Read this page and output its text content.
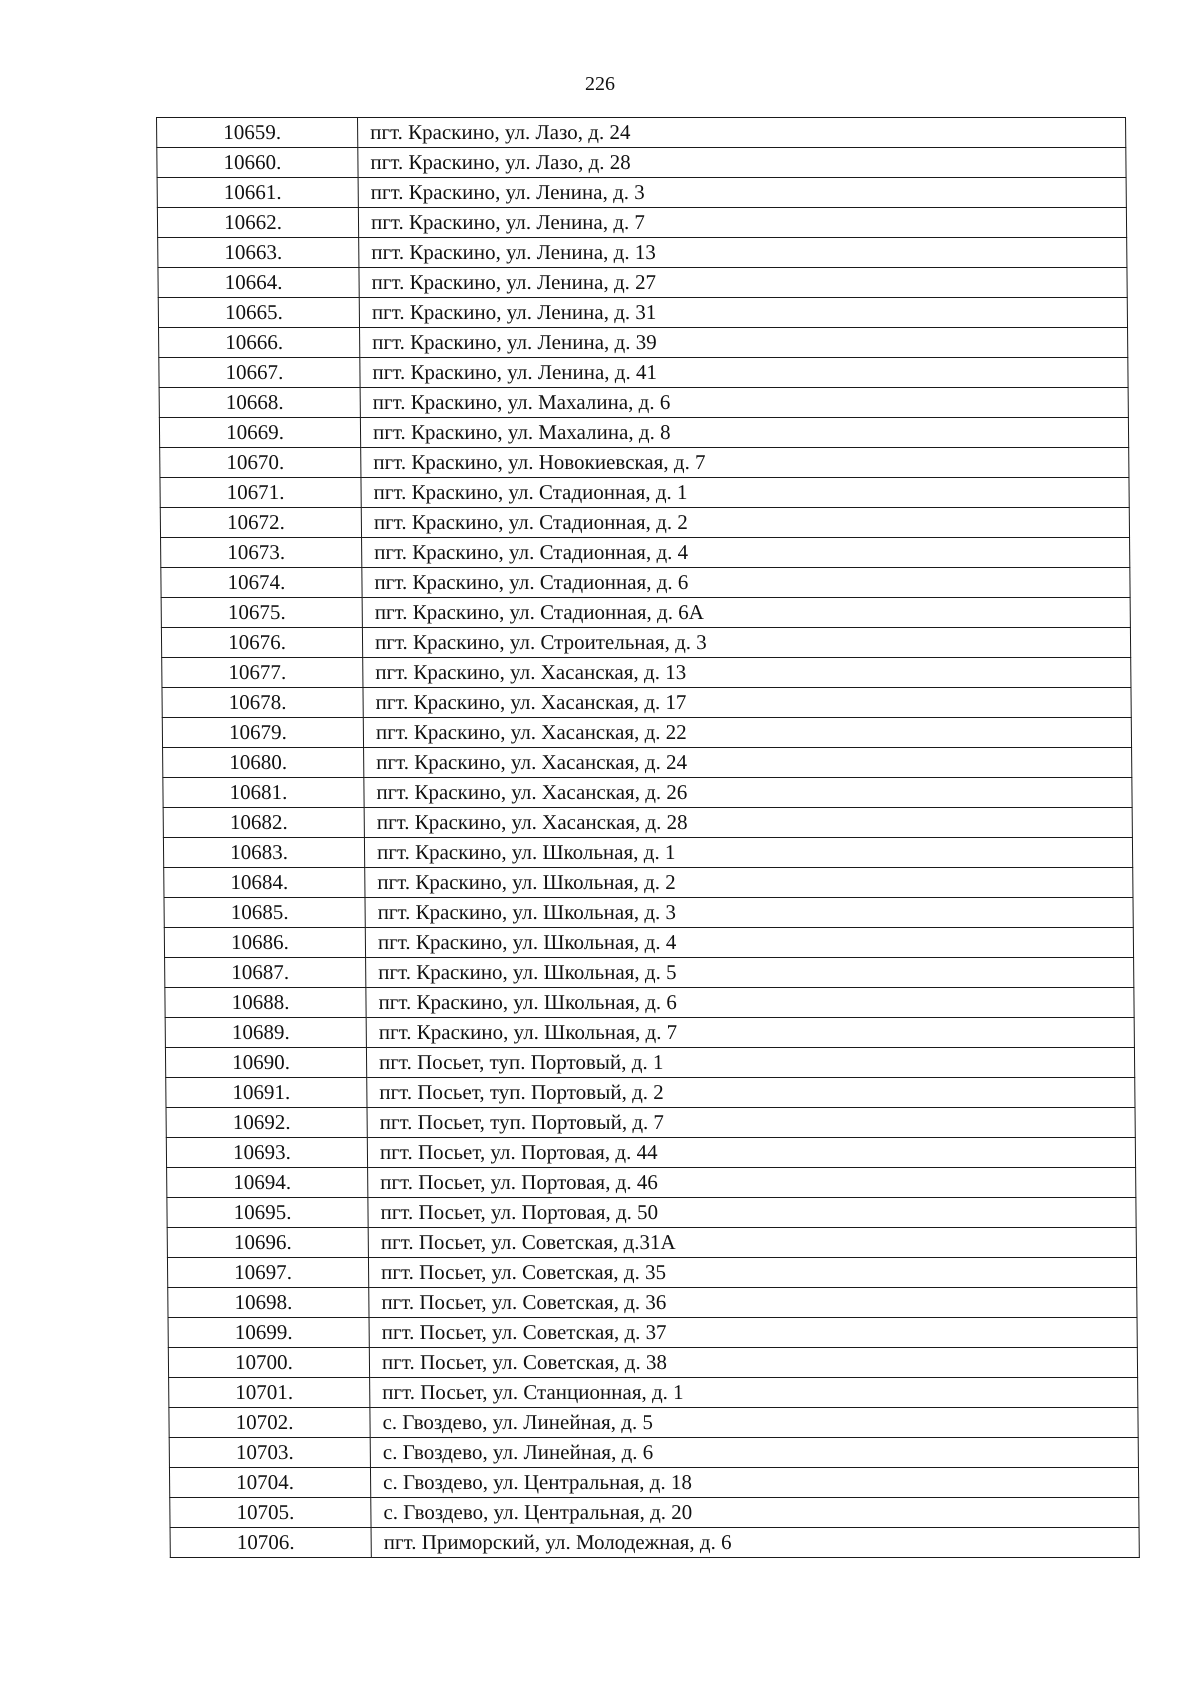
226
10659.	пгт. Краскино, ул. Лазо, д. 24
10660.	пгт. Краскино, ул. Лазо, д. 28
10661.	пгт. Краскино, ул. Ленина, д. 3
10662.	пгт. Краскино, ул. Ленина, д. 7
10663.	пгт. Краскино, ул. Ленина, д. 13
10664.	пгт. Краскино, ул. Ленина, д. 27
10665.	пгт. Краскино, ул. Ленина, д. 31
10666.	пгт. Краскино, ул. Ленина, д. 39
10667.	пгт. Краскино, ул. Ленина, д. 41
10668.	пгт. Краскино, ул. Махалина, д. 6
10669.	пгт. Краскино, ул. Махалина, д. 8
10670.	пгт. Краскино, ул. Новокиевская, д. 7
10671.	пгт. Краскино, ул. Стадионная, д. 1
10672.	пгт. Краскино, ул. Стадионная, д. 2
10673.	пгт. Краскино, ул. Стадионная, д. 4
10674.	пгт. Краскино, ул. Стадионная, д. 6
10675.	пгт. Краскино, ул. Стадионная, д. 6А
10676.	пгт. Краскино, ул. Строительная, д. 3
10677.	пгт. Краскино, ул. Хасанская, д. 13
10678.	пгт. Краскино, ул. Хасанская, д. 17
10679.	пгт. Краскино, ул. Хасанская, д. 22
10680.	пгт. Краскино, ул. Хасанская, д. 24
10681.	пгт. Краскино, ул. Хасанская, д. 26
10682.	пгт. Краскино, ул. Хасанская, д. 28
10683.	пгт. Краскино, ул. Школьная, д. 1
10684.	пгт. Краскино, ул. Школьная, д. 2
10685.	пгт. Краскино, ул. Школьная, д. 3
10686.	пгт. Краскино, ул. Школьная, д. 4
10687.	пгт. Краскино, ул. Школьная, д. 5
10688.	пгт. Краскино, ул. Школьная, д. 6
10689.	пгт. Краскино, ул. Школьная, д. 7
10690.	пгт. Посьет, туп. Портовый, д. 1
10691.	пгт. Посьет, туп. Портовый, д. 2
10692.	пгт. Посьет, туп. Портовый, д. 7
10693.	пгт. Посьет, ул. Портовая, д. 44
10694.	пгт. Посьет, ул. Портовая, д. 46
10695.	пгт. Посьет, ул. Портовая, д. 50
10696.	пгт. Посьет, ул. Советская, д.31А
10697.	пгт. Посьет, ул. Советская, д. 35
10698.	пгт. Посьет, ул. Советская, д. 36
10699.	пгт. Посьет, ул. Советская, д. 37
10700.	пгт. Посьет, ул. Советская, д. 38
10701.	пгт. Посьет, ул. Станционная, д. 1
10702.	с. Гвоздево, ул. Линейная, д. 5
10703.	с. Гвоздево, ул. Линейная, д. 6
10704.	с. Гвоздево, ул. Центральная, д. 18
10705.	с. Гвоздево, ул. Центральная, д. 20
10706.	пгт. Приморский, ул. Молодежная, д. 6
